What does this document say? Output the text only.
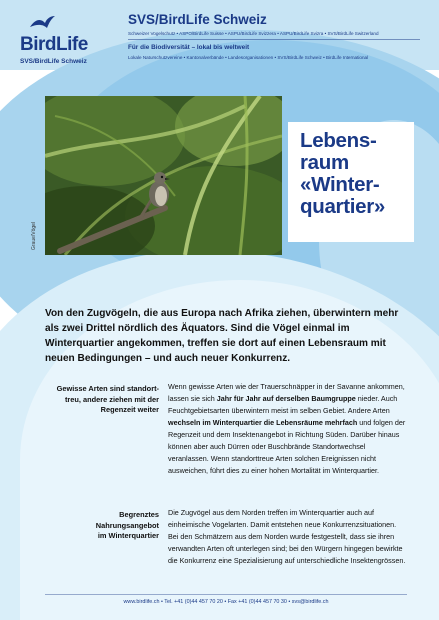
BirdLife
SVS/BirdLife Schweiz
SVS/BirdLife Schweiz
Schweizer Vogelschutz • ASPO/BirdLife Suisse • ASPU/BirdLife Svizzera • ASPU/BirdLife Svizra • SVS/BirdLife Switzerland
Für die Biodiversität – lokal bis weltweit
Lokale Naturschutzvereine • Kantonalverbände • Landesorganisationen • SVS/BirdLife Schweiz • BirdLife International
Graue/Vögel
Lebens-
raum
«Winter-
quartier»
Von den Zugvögeln, die aus Europa nach Afrika ziehen, überwintern mehr als zwei Drittel nördlich des Äquators. Sind die Vögel einmal im Winterquartier angekommen, treffen sie dort auf einen Lebensraum mit neuen Bedingungen – und auch neuer Konkurrenz.
Gewisse Arten sind standort-
treu, andere ziehen mit der
Regenzeit weiter
Wenn gewisse Arten wie der Trauerschnäpper in der Savanne ankommen, lassen sie sich Jahr für Jahr auf derselben Baumgruppe nieder. Auch Feuchtgebietsarten überwintern meist im selben Gebiet. Andere Arten wechseln im Winterquartier die Lebensräume mehrfach und folgen der Regenzeit und dem Insektenangebot in Richtung Süden. Darüber hinaus können aber auch Dürren oder Buschbrände Standortwechsel veranlassen. Wenn standorttreue Arten solchen Ereignissen nicht ausweichen, führt dies zu einer hohen Mortalität im Winterquartier.
Begrenztes
Nahrungsangebot
im Winterquartier
Die Zugvögel aus dem Norden treffen im Winterquartier auch auf einheimische Vogelarten. Damit entstehen neue Konkurrenzsituationen. Bei den Schmätzern aus dem Norden wurde festgestellt, dass sie ihren verwandten Arten oft unterlegen sind; bei den Würgern hingegen bewirkte die Konkurrenz eine Spezialisierung auf unterschiedliche Insektengrössen.
www.birdlife.ch • Tel. +41 (0)44 457 70 20 • Fax +41 (0)44 457 70 30 • svs@birdlife.ch
